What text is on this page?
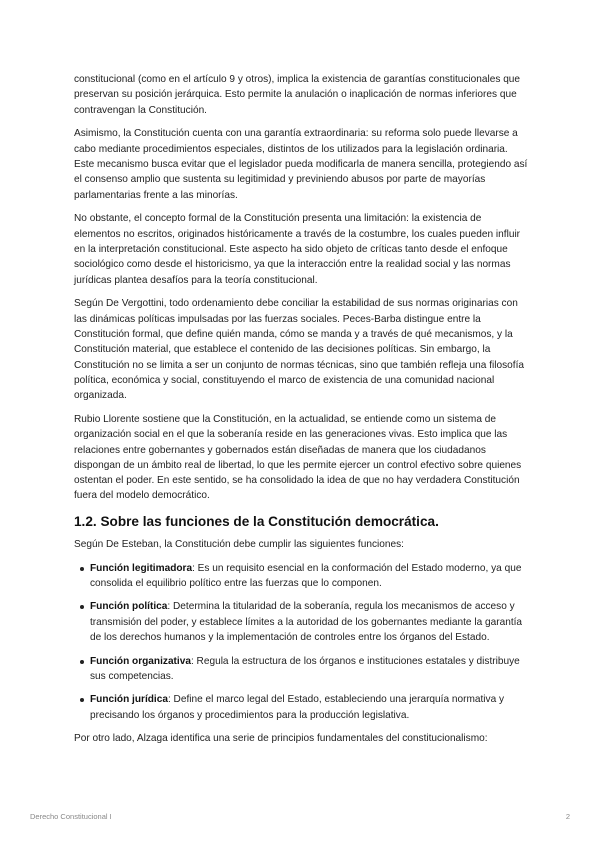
constitucional (como en el artículo 9 y otros), implica la existencia de garantías constitucionales que preservan su posición jerárquica. Esto permite la anulación o inaplicación de normas inferiores que contravengan la Constitución.

Asimismo, la Constitución cuenta con una garantía extraordinaria: su reforma solo puede llevarse a cabo mediante procedimientos especiales, distintos de los utilizados para la legislación ordinaria. Este mecanismo busca evitar que el legislador pueda modificarla de manera sencilla, protegiendo así el consenso amplio que sustenta su legitimidad y previniendo abusos por parte de mayorías parlamentarias frente a las minorías.

No obstante, el concepto formal de la Constitución presenta una limitación: la existencia de elementos no escritos, originados históricamente a través de la costumbre, los cuales pueden influir en la interpretación constitucional. Este aspecto ha sido objeto de críticas tanto desde el enfoque sociológico como desde el historicismo, ya que la interacción entre la realidad social y las normas jurídicas plantea desafíos para la teoría constitucional.

Según De Vergottini, todo ordenamiento debe conciliar la estabilidad de sus normas originarias con las dinámicas políticas impulsadas por las fuerzas sociales. Peces-Barba distingue entre la Constitución formal, que define quién manda, cómo se manda y a través de qué mecanismos, y la Constitución material, que establece el contenido de las decisiones políticas. Sin embargo, la Constitución no se limita a ser un conjunto de normas técnicas, sino que también refleja una filosofía política, económica y social, constituyendo el marco de existencia de una comunidad nacional organizada.

Rubio Llorente sostiene que la Constitución, en la actualidad, se entiende como un sistema de organización social en el que la soberanía reside en las generaciones vivas. Esto implica que las relaciones entre gobernantes y gobernados están diseñadas de manera que los ciudadanos dispongan de un ámbito real de libertad, lo que les permite ejercer un control efectivo sobre quienes ostentan el poder. En este sentido, se ha consolidado la idea de que no hay verdadera Constitución fuera del modelo democrático.

1.2. Sobre las funciones de la Constitución democrática.

Según De Esteban, la Constitución debe cumplir las siguientes funciones:

Función legitimadora: Es un requisito esencial en la conformación del Estado moderno, ya que consolida el equilibrio político entre las fuerzas que lo componen.
Función política: Determina la titularidad de la soberanía, regula los mecanismos de acceso y transmisión del poder, y establece límites a la autoridad de los gobernantes mediante la garantía de los derechos humanos y la implementación de controles entre los órganos del Estado.
Función organizativa: Regula la estructura de los órganos e instituciones estatales y distribuye sus competencias.
Función jurídica: Define el marco legal del Estado, estableciendo una jerarquía normativa y precisando los órganos y procedimientos para la producción legislativa.

Por otro lado, Alzaga identifica una serie de principios fundamentales del constitucionalismo:

Derecho Constitucional I	2
